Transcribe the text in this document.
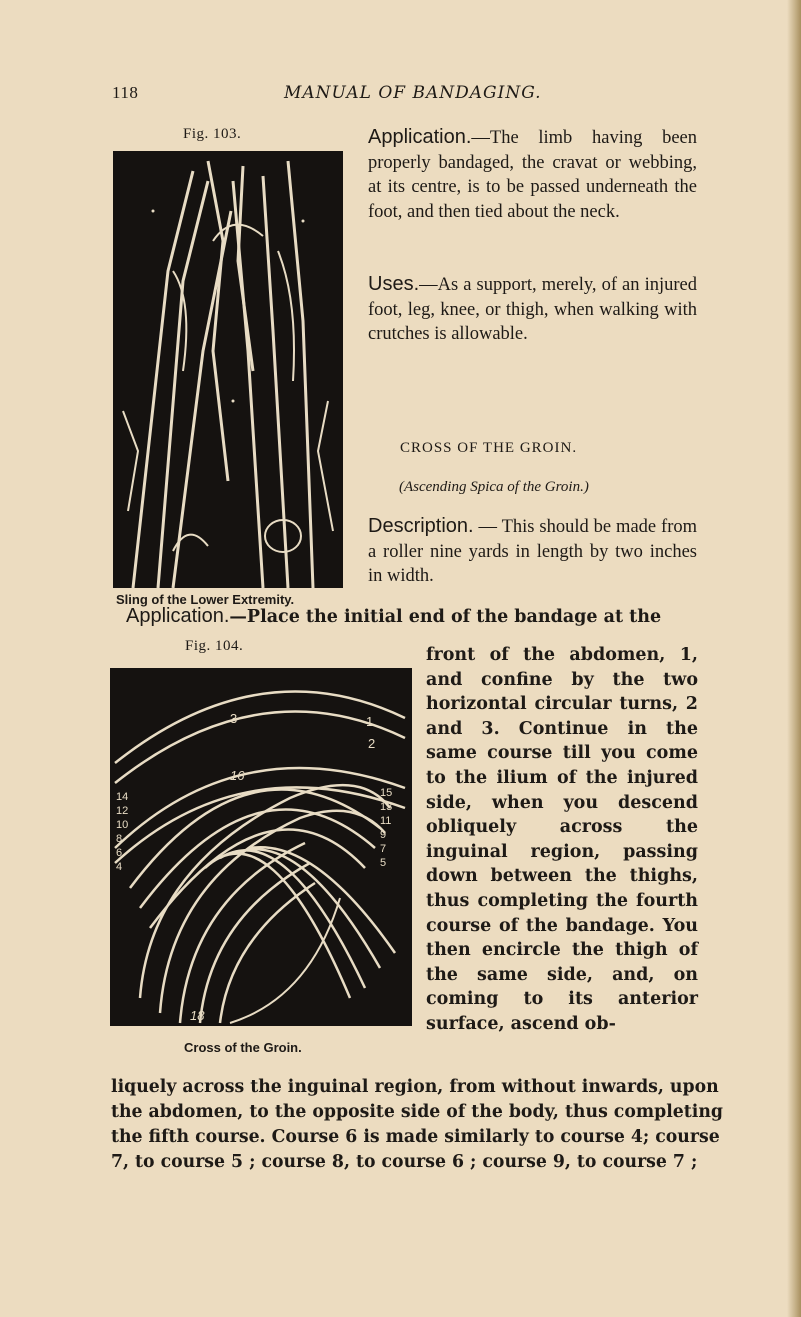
118	MANUAL OF BANDAGING.
Fig. 103.
Sling of the Lower Extremity.
Application.—The limb having been properly bandaged, the cravat or webbing, at its centre, is to be passed underneath the foot, and then tied about the neck.
Uses.—As a support, merely, of an injured foot, leg, knee, or thigh, when walking with crutches is allowable.
CROSS OF THE GROIN.
(Ascending Spica of the Groin.)
Description. — This should be made from a roller nine yards in length by two inches in width.
Application.—Place the initial end of the bandage at the
Fig. 104.
3	1
2
16
15
13
11
9
7
5
14
12
10
8
6
4
18
Cross of the Groin.
front of the abdomen, 1, and confine by the two horizontal circular turns, 2 and 3. Continue in the same course till you come to the ilium of the injured side, when you descend obliquely across the inguinal region, passing down between the thighs, thus completing the fourth course of the bandage. You then encircle the thigh of the same side, and, on coming to its anterior surface, ascend ob-
liquely across the inguinal region, from without inwards, upon
the abdomen, to the opposite side of the body, thus completing
the fifth course. Course 6 is made similarly to course 4; course
7, to course 5 ; course 8, to course 6 ; course 9, to course 7 ;
